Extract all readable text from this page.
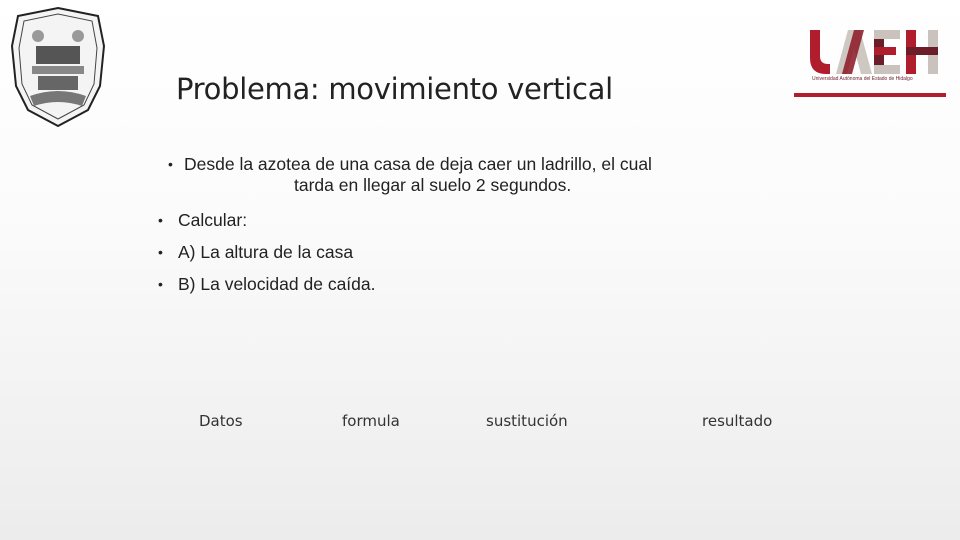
Universidad Autónoma del Estado de Hidalgo
Problema: movimiento vertical
• Desde la azotea de una casa de deja caer un ladrillo, el cual
tarda en llegar al suelo 2 segundos.
• Calcular:
• A) La altura de la casa
• B) La velocidad de caída.
Datos	formula	sustitución	resultado
